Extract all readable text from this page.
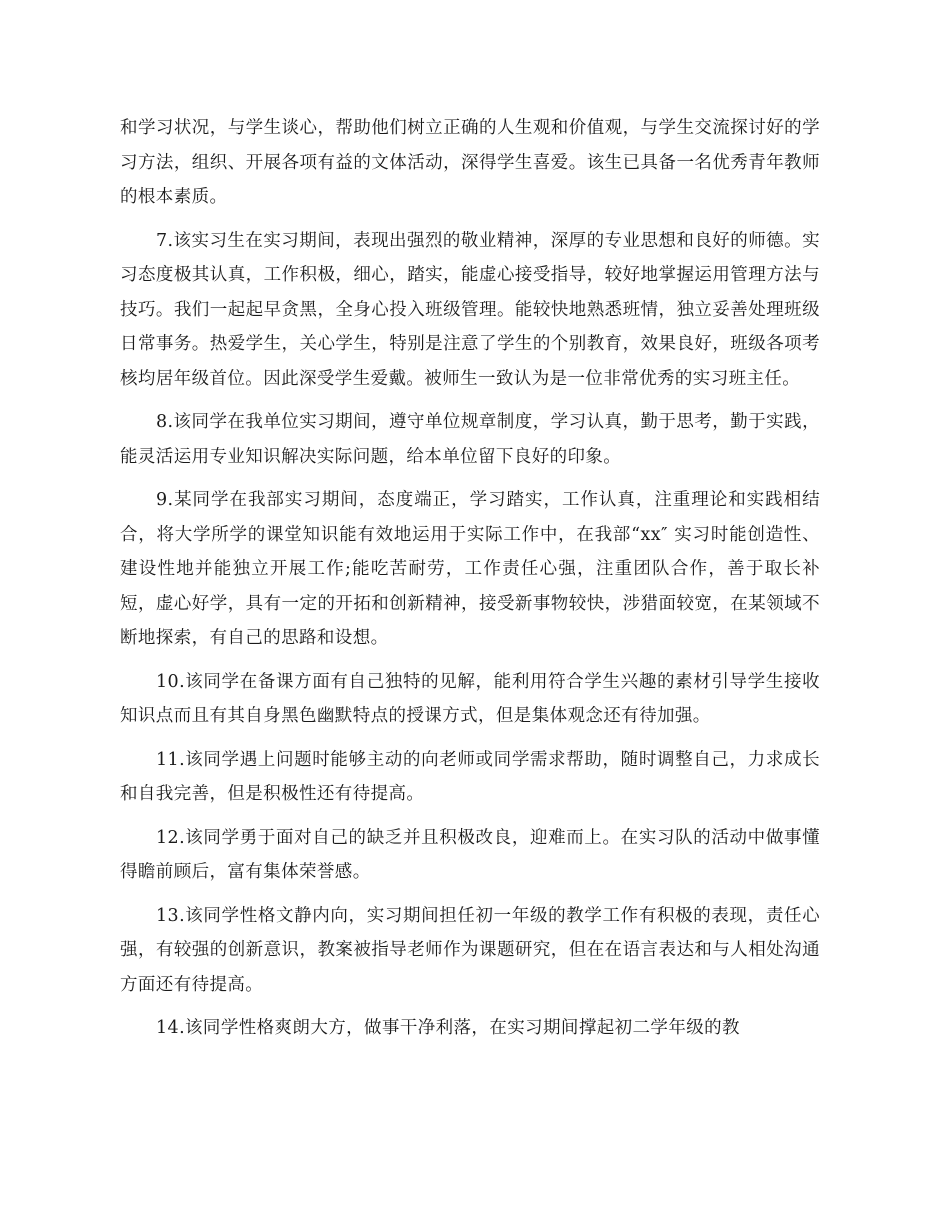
和学习状况，与学生谈心，帮助他们树立正确的人生观和价值观，与学生交流探讨好的学习方法，组织、开展各项有益的文体活动，深得学生喜爱。该生已具备一名优秀青年教师的根本素质。

7.该实习生在实习期间，表现出强烈的敬业精神，深厚的专业思想和良好的师德。实习态度极其认真，工作积极，细心，踏实，能虚心接受指导，较好地掌握运用管理方法与技巧。我们一起起早贪黑，全身心投入班级管理。能较快地熟悉班情，独立妥善处理班级日常事务。热爱学生，关心学生，特别是注意了学生的个别教育，效果良好，班级各项考核均居年级首位。因此深受学生爱戴。被师生一致认为是一位非常优秀的实习班主任。

8.该同学在我单位实习期间，遵守单位规章制度，学习认真，勤于思考，勤于实践，能灵活运用专业知识解决实际问题，给本单位留下良好的印象。

9.某同学在我部实习期间，态度端正，学习踏实，工作认真，注重理论和实践相结合，将大学所学的课堂知识能有效地运用于实际工作中，在我部“xx″ 实习时能创造性、建设性地并能独立开展工作;能吃苦耐劳，工作责任心强，注重团队合作，善于取长补短，虚心好学，具有一定的开拓和创新精神，接受新事物较快，涉猎面较宽，在某领域不断地探索，有自己的思路和设想。

10.该同学在备课方面有自己独特的见解，能利用符合学生兴趣的素材引导学生接收知识点而且有其自身黑色幽默特点的授课方式，但是集体观念还有待加强。

11.该同学遇上问题时能够主动的向老师或同学需求帮助，随时调整自己，力求成长和自我完善，但是积极性还有待提高。

12.该同学勇于面对自己的缺乏并且积极改良，迎难而上。在实习队的活动中做事懂得瞻前顾后，富有集体荣誉感。

13.该同学性格文静内向，实习期间担任初一年级的教学工作有积极的表现，责任心强，有较强的创新意识，教案被指导老师作为课题研究，但在在语言表达和与人相处沟通方面还有待提高。

14.该同学性格爽朗大方，做事干净利落，在实习期间撑起初二学年级的教
